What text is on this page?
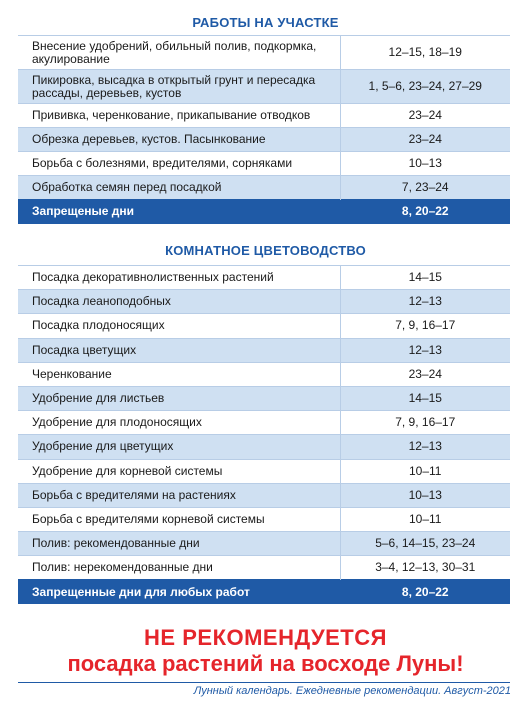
РАБОТЫ НА УЧАСТКЕ
Внесение удобрений, обильный полив, подкормка, акулирование	12–15, 18–19
Пикировка, высадка в открытый грунт и пересадка рассады, деревьев, кустов	1, 5–6, 23–24, 27–29
Прививка, черенкование, прикапывание отводков	23–24
Обрезка деревьев, кустов. Пасынкование	23–24
Борьба с болезнями, вредителями, сорняками	10–13
Обработка семян перед посадкой	7, 23–24
Запрещеные дни	8, 20–22
КОМНАТНОЕ ЦВЕТОВОДСТВО
Посадка декоративнолиственных растений	14–15
Посадка леаноподобных	12–13
Посадка плодоносящих	7, 9, 16–17
Посадка цветущих	12–13
Черенкование	23–24
Удобрение для листьев	14–15
Удобрение для плодоносящих	7, 9, 16–17
Удобрение для цветущих	12–13
Удобрение для корневой системы	10–11
Борьба с вредителями на растениях	10–13
Борьба с вредителями корневой системы	10–11
Полив: рекомендованные дни	5–6, 14–15, 23–24
Полив: нерекомендованные дни	3–4, 12–13, 30–31
Запрещенные дни для любых работ	8, 20–22
НЕ РЕКОМЕНДУЕТСЯ
посадка растений на восходе Луны!
Лунный календарь. Ежедневные рекомендации. Август-2021
